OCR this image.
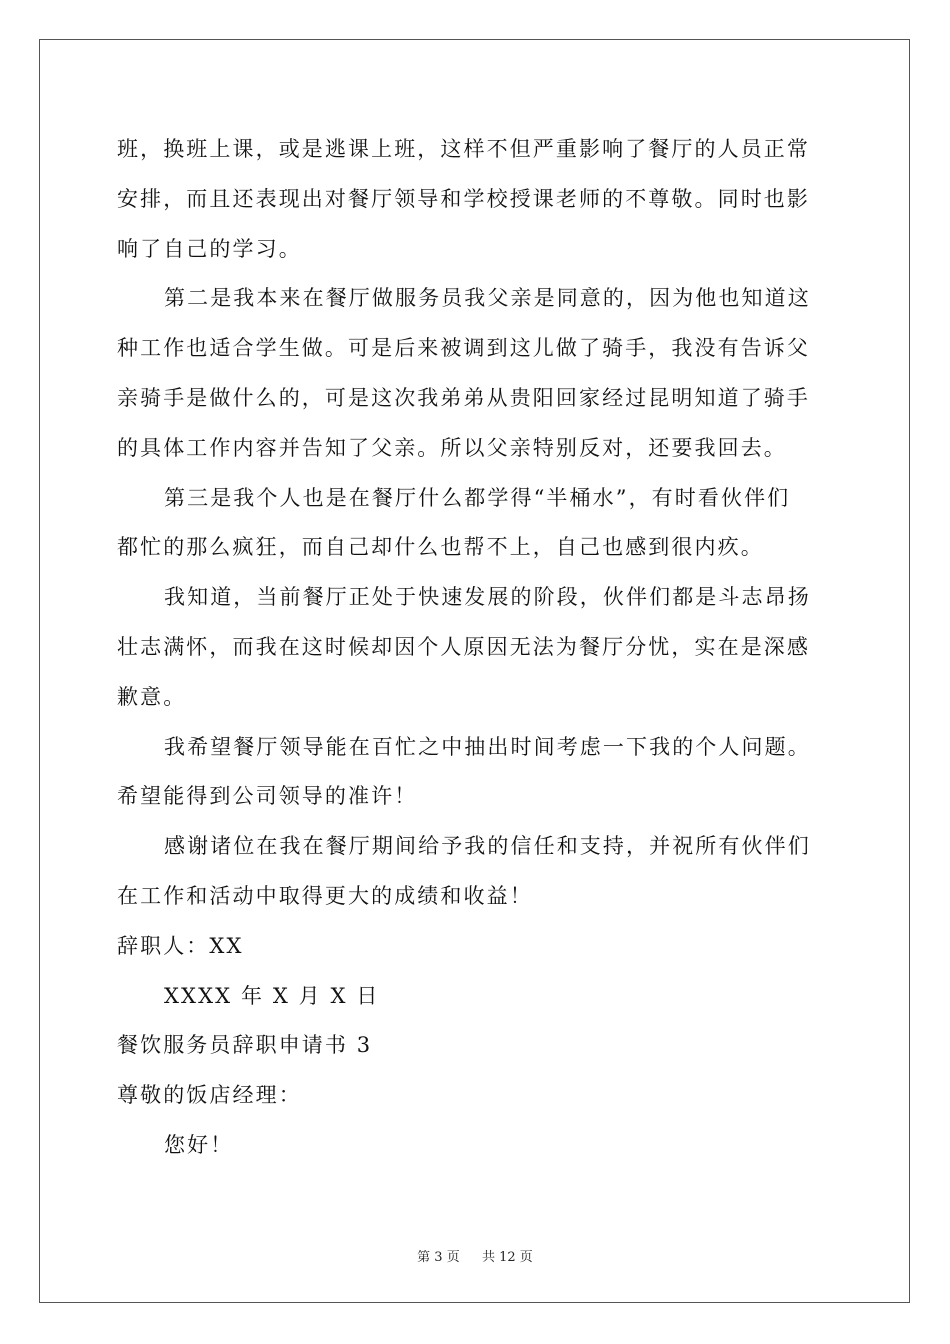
班，换班上课，或是逃课上班，这样不但严重影响了餐厅的人员正常
安排，而且还表现出对餐厅领导和学校授课老师的不尊敬。同时也影
响了自己的学习。
第二是我本来在餐厅做服务员我父亲是同意的，因为他也知道这
种工作也适合学生做。可是后来被调到这儿做了骑手，我没有告诉父
亲骑手是做什么的，可是这次我弟弟从贵阳回家经过昆明知道了骑手
的具体工作内容并告知了父亲。所以父亲特别反对，还要我回去。
第三是我个人也是在餐厅什么都学得“半桶水”，有时看伙伴们
都忙的那么疯狂，而自己却什么也帮不上，自己也感到很内疚。
我知道，当前餐厅正处于快速发展的阶段，伙伴们都是斗志昂扬
壮志满怀，而我在这时候却因个人原因无法为餐厅分忧，实在是深感
歉意。
我希望餐厅领导能在百忙之中抽出时间考虑一下我的个人问题。
希望能得到公司领导的准许！
感谢诸位在我在餐厅期间给予我的信任和支持，并祝所有伙伴们
在工作和活动中取得更大的成绩和收益！
辞职人：XX
XXXX 年 X 月 X 日
餐饮服务员辞职申请书 3
尊敬的饭店经理：
您好！
第 3 页 共 12 页
